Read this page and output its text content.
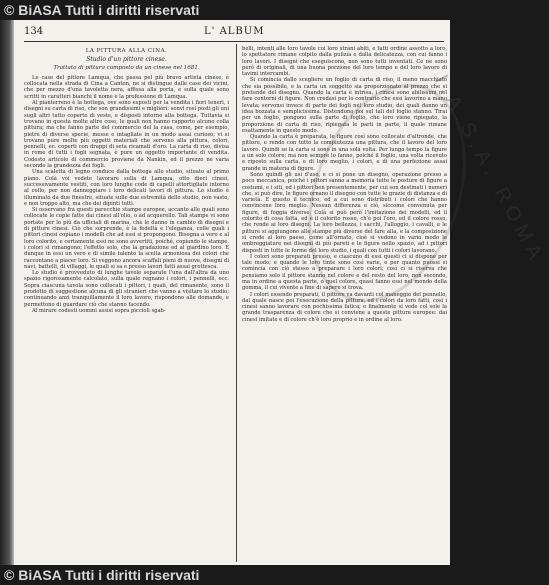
© BiASA Tutti i diritti riservati
134	L' ALBUM
LA PITTURA ALLA CINA.
Studio d'un pittore cinese.
Trattato di pittura composto da un cinese nel 1681.

Le case del pittore Lamqua, che passa pel più bravo artista cinese, è collocata nella strada di Cina a Canton, ne si distingue dalle case dei vicini, che per mezzo d'una tavoletta nera, affissa alla porta, e sulla quale sono scritti in caratteri bianchi il nome e la professione di Lamqua.

Al pianterreno è la bottega, ove sono esposti per la vendita i fiori teneri, i disegni su carta di riso, che son grandissimi e migliori: sonvi rosi posti gli uni sugli altri tutto coperto di veste, e disposti intorno alla bottega. Tuttavia si trovano in questa molte altre cose, le quali non hanno rapporto alcuno colla pittura; ma che fanno parte del commercio del la casa, come, per esempio, pietre di diverse specie, messe e intagliate in un modo assai curioso; vi si trovano pure molte più oggetti materiali che servono alla pittura, colori, pennelli, ec. coperti con drappi di seta ricamati d'oro. La carta di riso, divisa in rome di tutti i fogli segnata, è pure un oggetto importante di vendita. Codesto articolo di commercio proviene da Nankin, ed il prezzo ne varia secondo la grandezza dei fogli.

Una scaletta di legno conduce dalla bottega allo studio, situato al primo piano. Colà voi vedete lavorare sulla di Lamqua, otto dieci cinesi, successivamente vestiti, con loro lunghe code di capelli attortigliate intorno al collo, per non danneggiare i loro delicati lavori di pittura. Lo studio è illuminato da due finestre, situate sulle due estremità dello studio, non vasto, e non troppo alto, ma che dei dipinti tutti.

Si osservano fra questi parecchie stampe europee, accanto alle quali sono collocate le copie fatte dai cinesi all'olio, o ad acquerello. Tali stampe vi sono portate per lo più da ufficiali di marina, che le danno in cambio di disegni e di pitture cinesi. Ciò che sorprende, è la fedeltà e l'eleganza, colle quali i pittori cinesi copiano i modelli che ad essi si propongono. Bisogna a vero e al loro colorito, e certamente essi ne sono avvertiti, poiché, copiando le stampe, i colori si rimangono; l'effetto solo, che la gradazione ed al giardino loro. E dunque in essi un vero e di simile talento la scelta armoniosa dei colori che raccontano a piacer loro. Si veggono ancora scaffali pieni di nuove, disegni di navi, battelli, di villaggi, le quali si sa e presso lavori fatti assai grottesca.

Lo studio è provveduto di lunghe tavole separate l'una dall'altra da uno spazio rigorosamente calcolato, sulla quale regnano i colori, i pennelli, ecc. Sopra ciascuna tavola sono collocati i pittori, i quali, del rimanente, sono il prodotto di suggestione alcuna di gli stranieri che vanno a visitare lo studio; continuando anzi tranquillamente il loro lavoro, rispondono alle domande, e permettono di guardare ciò che stanno facendo.

Al mirare codesti uomini assisi sopra piccioli sgab-

belli, intenti alle loro tavole coi loro strani abiti, e fatti ordine assotto a loro, lo spettatore rimane colpito dalla pulizia e dalla delicatezza, con cui fanno i loro lavori. I disegni che eseguiscono, non sono tutti inventati. Ce ne sono però di originali, di una buona porzione del loro tempo e del loro lavoro di tavimi intercambi.

Si comincia dallo scegliere un foglio di carta di riso, il meno macchiato che sia possibile, e la carta un soggetto sia proporzionato al prezzo che si pretende del disegno. Quando la carta è intrisa, i cinesi sono abilissimi nel fare contorni di figure. Non credasi per lo contrario che essi lavorino a mano levata; servonsi invece di parte dei fogli nel loro studio, dei quali danno un idea bozzata e semplicissima. Distendono poi sul tali del foglio stanno. Tirai per un foglio, pongono sulla parte di foglio, che loro viene ripiegato, la proporzione di carta di riso, ripiegata le parti in parte, il quale rimane esattamente in questo modo.

Quando la carta è preparata, le figure così sono collocate d'altronde, che pittore, e rendo con tutto la compiutezza una pittura, che il lavoro del loro lavoro. Quindi se la carta si sono in una sola volta. Per lungo tempo la figure a un solo colore; ma non sempre lo fanno, poiché il foglio, una volta ricevuto e riposto sulla carta, e di loro meglio, i colori, e di una perfezione assai grande in materia di figure.

Sono quindi gli usi d'uso, e ci si pone un disegno, operazione presso a poco meccanica, poiché i pittori sanno a memoria tutte le posture di figure a costumi, e i siti, ed i pittori ben presentemente, per cui son destinati i numeri che, si può dire, le figure ornano il disegno con tutte le grazie di distanza e di varietà. E questo il tecnico, ed a cui sono distributi i colori che hanno convincene loro meglio. Nessun differenza e ciò, siccome convenuta per figure, di foggia diverse. Colà si può però l'imitazione dei modelli, ed il colorito di cosa fatta, ed è il colorito rosso, ch'è poi l'oro, ed il colore rosso, che rende ai loro disegni. La loro bellezza, i sacchi, l'alloggio, i cavalli, e le pitture si aggiungono alle stampe più diverse del fare alla, e la composizione si crede al loro paese, come all'ornato, cioè si vedono in vario modo le ombreggiature nei disegni di più pareti e le figure nello spazio, ad i pittori disposti in tutte le forme del loro studio, i quali con tutti i colori lavorano.

I colori sono preparati presso, e ciascuno di essi questi ci si dispone per tale modo; e quando le loro tinte sono così varie, e per quanto puossi si comincia con ciò stesso a preparare i loro colori; così ci si riserva che pensiamo solo il pittore stanno nel colore e del resto del loro, non secondo, ma in ordine a questa parte, o quel colore, quasi fanno essi nel mondo della gomma, il cui vivente a fine di sapere si trova.

I colori essendo preparati, il pittore va davanti col maneggio del pennello, dal quale nasce poi l'esecuzione della pittura, ed i colori da loro fatti, così i cinesi sanno lavorare con pochissima fatica; e finalmente si vede col sole la grande trasparenza di colore che si conviene a queste pitture europee: dai cinesi imitate e di colore ch'è loro proprio e in ordine al loro.

I.A.S.A. ROMA
© BiASA Tutti i diritti riservati
